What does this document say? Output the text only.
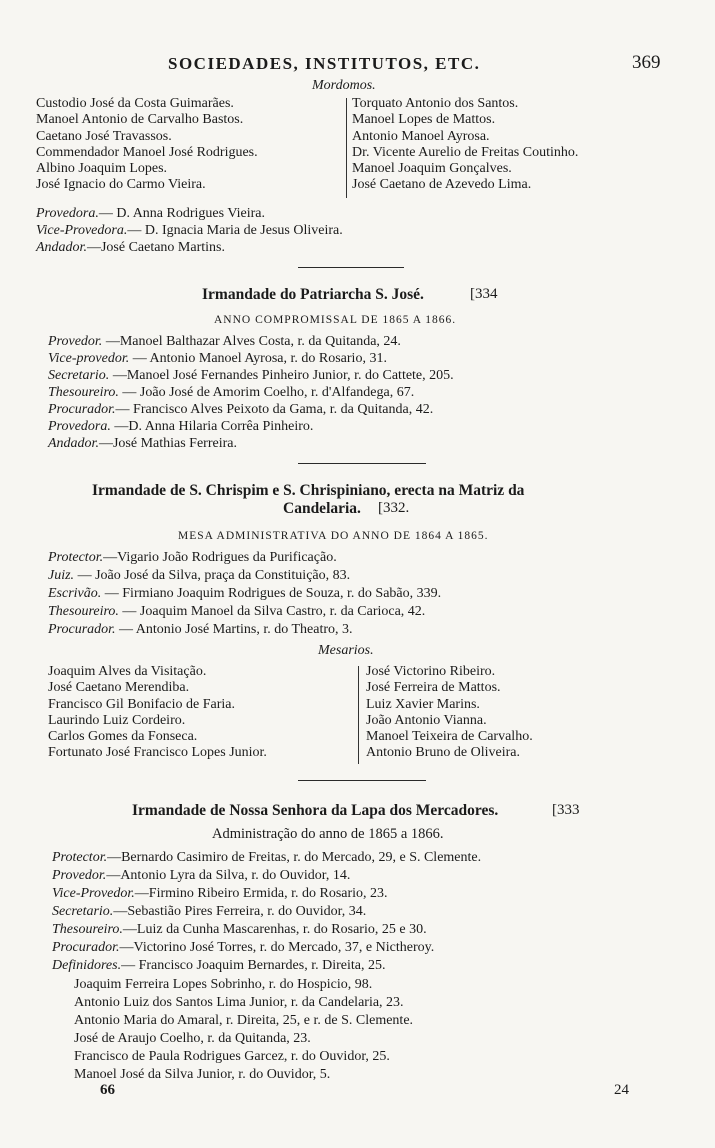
SOCIEDADES, INSTITUTOS, ETC.	369
Mordomos.
Custodio José da Costa Guimarães.
Manoel Antonio de Carvalho Bastos.
Caetano José Travassos.
Commendador Manoel José Rodrigues.
Albino Joaquim Lopes.
José Ignacio do Carmo Vieira.
Torquato Antonio dos Santos.
Manoel Lopes de Mattos.
Antonio Manoel Ayrosa.
Dr. Vicente Aurelio de Freitas Coutinho.
Manoel Joaquim Gonçalves.
José Caetano de Azevedo Lima.
Provedora.— D. Anna Rodrigues Vieira.
Vice-Provedora.— D. Ignacia Maria de Jesus Oliveira.
Andador.—José Caetano Martins.
Irmandade do Patriarcha S. José.	[334
ANNO COMPROMISSAL DE 1865 A 1866.
Provedor. —Manoel Balthazar Alves Costa, r. da Quitanda, 24.
Vice-provedor. — Antonio Manoel Ayrosa, r. do Rosario, 31.
Secretario. —Manoel José Fernandes Pinheiro Junior, r. do Cattete, 205.
Thesoureiro. — João José de Amorim Coelho, r. d'Alfandega, 67.
Procurador.— Francisco Alves Peixoto da Gama, r. da Quitanda, 42.
Provedora. —D. Anna Hilaria Corrêa Pinheiro.
Andador.—José Mathias Ferreira.
Irmandade de S. Chrispim e S. Chrispiniano, erecta na Matriz da
Candelaria. [332.
MESA ADMINISTRATIVA DO ANNO DE 1864 A 1865.
Protector.—Vigario João Rodrigues da Purificação.
Juiz. — João José da Silva, praça da Constituição, 83.
Escrivão. — Firmiano Joaquim Rodrigues de Souza, r. do Sabão, 339.
Thesoureiro. — Joaquim Manoel da Silva Castro, r. da Carioca, 42.
Procurador. — Antonio José Martins, r. do Theatro, 3.
Mesarios.
Joaquim Alves da Visitação.
José Caetano Merendiba.
Francisco Gil Bonifacio de Faria.
Laurindo Luiz Cordeiro.
Carlos Gomes da Fonseca.
Fortunato José Francisco Lopes Junior.
José Victorino Ribeiro.
José Ferreira de Mattos.
Luiz Xavier Marins.
João Antonio Vianna.
Manoel Teixeira de Carvalho.
Antonio Bruno de Oliveira.
Irmandade de Nossa Senhora da Lapa dos Mercadores.	[333
Administração do anno de 1865 a 1866.
Protector.—Bernardo Casimiro de Freitas, r. do Mercado, 29, e S. Clemente.
Provedor.—Antonio Lyra da Silva, r. do Ouvidor, 14.
Vice-Provedor.—Firmino Ribeiro Ermida, r. do Rosario, 23.
Secretario.—Sebastião Pires Ferreira, r. do Ouvidor, 34.
Thesoureiro.—Luiz da Cunha Mascarenhas, r. do Rosario, 25 e 30.
Procurador.—Victorino José Torres, r. do Mercado, 37, e Nictheroy.
Definidores.— Francisco Joaquim Bernardes, r. Direita, 25.
Joaquim Ferreira Lopes Sobrinho, r. do Hospicio, 98.
Antonio Luiz dos Santos Lima Junior, r. da Candelaria, 23.
Antonio Maria do Amaral, r. Direita, 25, e r. de S. Clemente.
José de Araujo Coelho, r. da Quitanda, 23.
Francisco de Paula Rodrigues Garcez, r. do Ouvidor, 25.
Manoel José da Silva Junior, r. do Ouvidor, 5.
66	24
